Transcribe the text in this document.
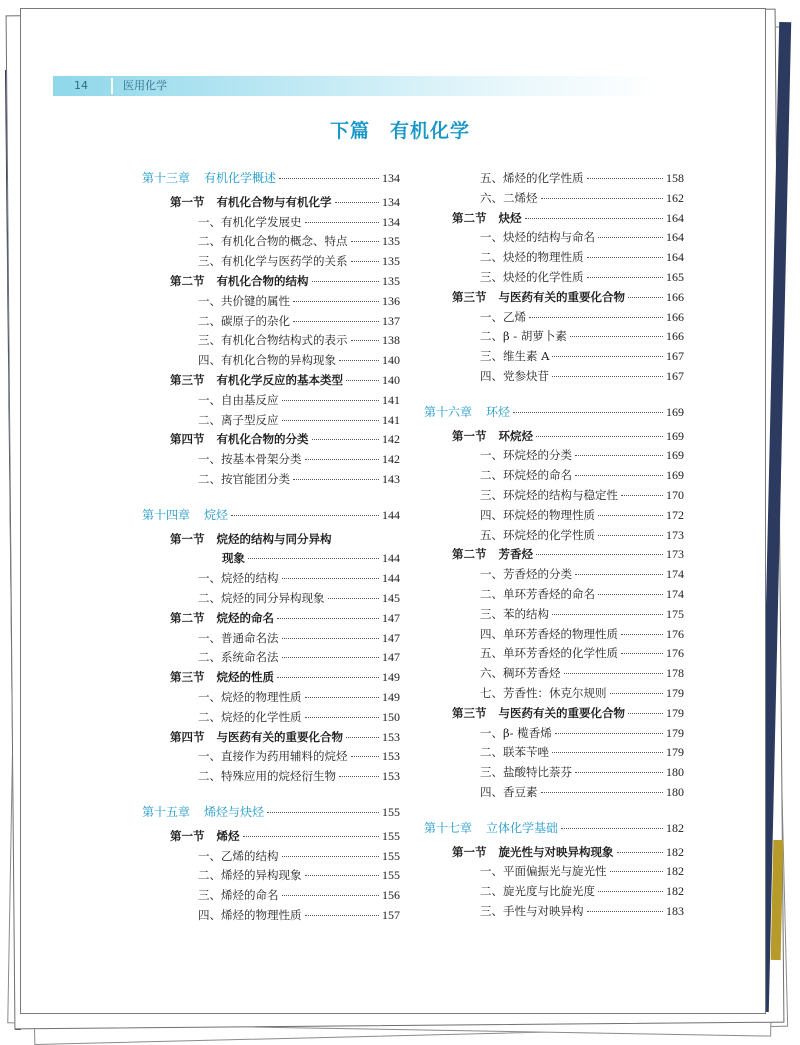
14	医用化学
下篇　有机化学
第十三章 有机化学概述	134
第一节 有机化合物与有机化学	134
一、有机化学发展史	134
二、有机化合物的概念、特点	135
三、有机化学与医药学的关系	135
第二节 有机化合物的结构	135
一、共价键的属性	136
二、碳原子的杂化	137
三、有机化合物结构式的表示	138
四、有机化合物的异构现象	140
第三节 有机化学反应的基本类型	140
一、自由基反应	141
二、离子型反应	141
第四节 有机化合物的分类	142
一、按基本骨架分类	142
二、按官能团分类	143
第十四章 烷烃	144
第一节 烷烃的结构与同分异构
现象	144
一、烷烃的结构	144
二、烷烃的同分异构现象	145
第二节 烷烃的命名	147
一、普通命名法	147
二、系统命名法	147
第三节 烷烃的性质	149
一、烷烃的物理性质	149
二、烷烃的化学性质	150
第四节 与医药有关的重要化合物	153
一、直接作为药用辅料的烷烃	153
二、特殊应用的烷烃衍生物	153
第十五章 烯烃与炔烃	155
第一节 烯烃	155
一、乙烯的结构	155
二、烯烃的异构现象	155
三、烯烃的命名	156
四、烯烃的物理性质	157
五、烯烃的化学性质	158
六、二烯烃	162
第二节 炔烃	164
一、炔烃的结构与命名	164
二、炔烃的物理性质	164
三、炔烃的化学性质	165
第三节 与医药有关的重要化合物	166
一、乙烯	166
二、β - 胡萝卜素	166
三、维生素 A	167
四、党参炔苷	167
第十六章 环烃	169
第一节 环烷烃	169
一、环烷烃的分类	169
二、环烷烃的命名	169
三、环烷烃的结构与稳定性	170
四、环烷烃的物理性质	172
五、环烷烃的化学性质	173
第二节 芳香烃	173
一、芳香烃的分类	174
二、单环芳香烃的命名	174
三、苯的结构	175
四、单环芳香烃的物理性质	176
五、单环芳香烃的化学性质	176
六、稠环芳香烃	178
七、芳香性：休克尔规则	179
第三节 与医药有关的重要化合物	179
一、β- 榄香烯	179
二、联苯苄唑	179
三、盐酸特比萘芬	180
四、香豆素	180
第十七章 立体化学基础	182
第一节 旋光性与对映异构现象	182
一、平面偏振光与旋光性	182
二、旋光度与比旋光度	182
三、手性与对映异构	183
